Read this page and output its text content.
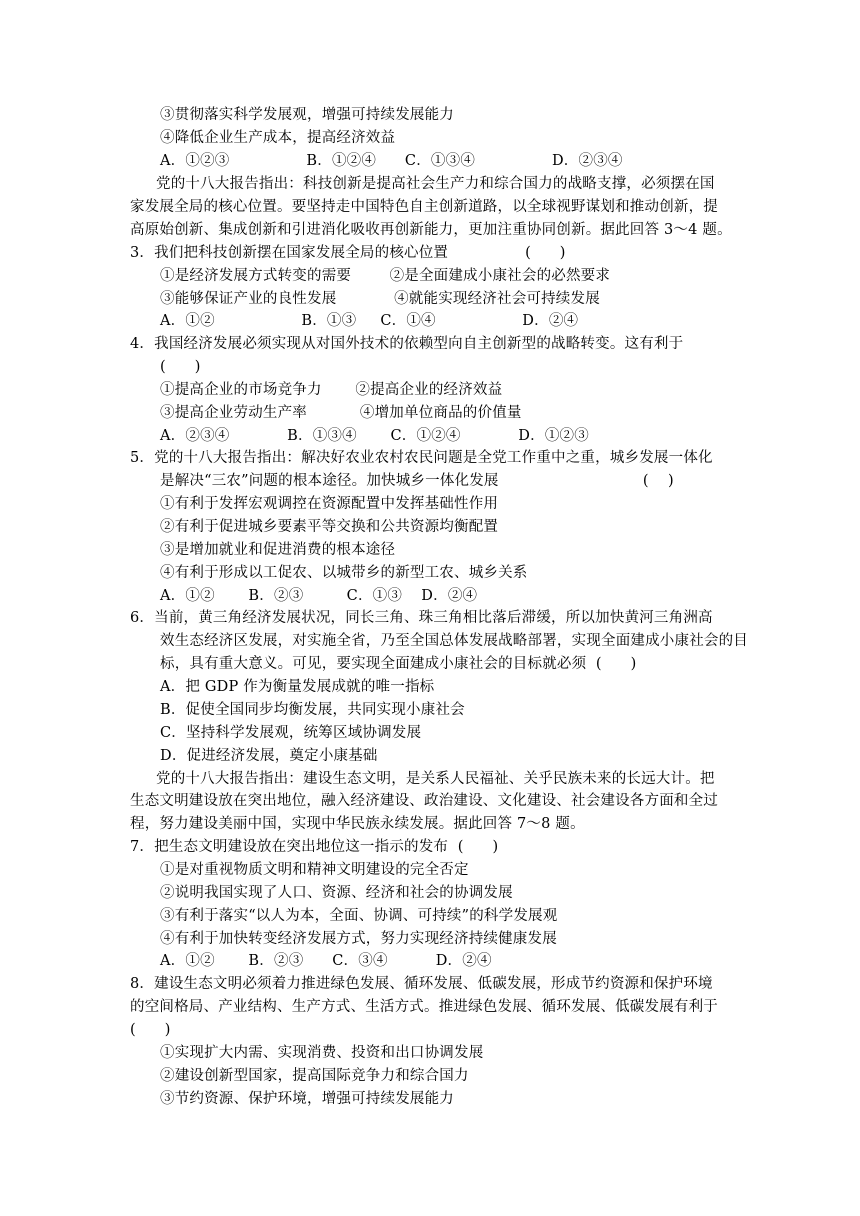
③贯彻落实科学发展观，增强可持续发展能力
④降低企业生产成本，提高经济效益
A．①②③                B．①②④      C．①③④                D．②③④
党的十八大报告指出：科技创新是提高社会生产力和综合国力的战略支撑，必须摆在国
家发展全局的核心位置。要坚持走中国特色自主创新道路，以全球视野谋划和推动创新，提
高原始创新、集成创新和引进消化吸收再创新能力，更加注重协同创新。据此回答 3～4 题。
3．我们把科技创新摆在国家发展全局的核心位置                (      )
①是经济发展方式转变的需要        ②是全面建成小康社会的必然要求
③能够保证产业的良性发展            ④就能实现经济社会可持续发展
A．①②                  B．①③     C．①④                  D．②④
4．我国经济发展必须实现从对国外技术的依赖型向自主创新型的战略转变。这有利于
(      )
①提高企业的市场竞争力       ②提高企业的经济效益
③提高企业劳动生产率           ④增加单位商品的价值量
A．②③④            B．①③④       C．①②④            D．①②③
5．党的十八大报告指出：解决好农业农村农民问题是全党工作重中之重，城乡发展一体化
是解决“三农”问题的根本途径。加快城乡一体化发展                              (    )
①有利于发挥宏观调控在资源配置中发挥基础性作用
②有利于促进城乡要素平等交换和公共资源均衡配置
③是增加就业和促进消费的根本途径
④有利于形成以工促农、以城带乡的新型工农、城乡关系
A．①②       B．②③         C．①③    D．②④
6．当前，黄三角经济发展状况，同长三角、珠三角相比落后滞缓，所以加快黄河三角洲高
效生态经济区发展，对实施全省，乃至全国总体发展战略部署，实现全面建成小康社会的目
标，具有重大意义。可见，要实现全面建成小康社会的目标就必须  (      )
A．把 GDP 作为衡量发展成就的唯一指标
B．促使全国同步均衡发展，共同实现小康社会
C．坚持科学发展观，统筹区域协调发展
D．促进经济发展，奠定小康基础
党的十八大报告指出：建设生态文明，是关系人民福祉、关乎民族未来的长远大计。把
生态文明建设放在突出地位，融入经济建设、政治建设、文化建设、社会建设各方面和全过
程，努力建设美丽中国，实现中华民族永续发展。据此回答 7～8 题。
7．把生态文明建设放在突出地位这一指示的发布  (      )
①是对重视物质文明和精神文明建设的完全否定
②说明我国实现了人口、资源、经济和社会的协调发展
③有利于落实“以人为本，全面、协调、可持续”的科学发展观
④有利于加快转变经济发展方式，努力实现经济持续健康发展
A．①②       B．②③      C．③④          D．②④
8．建设生态文明必须着力推进绿色发展、循环发展、低碳发展，形成节约资源和保护环境
的空间格局、产业结构、生产方式、生活方式。推进绿色发展、循环发展、低碳发展有利于
(      )
①实现扩大内需、实现消费、投资和出口协调发展
②建设创新型国家，提高国际竞争力和综合国力
③节约资源、保护环境，增强可持续发展能力
